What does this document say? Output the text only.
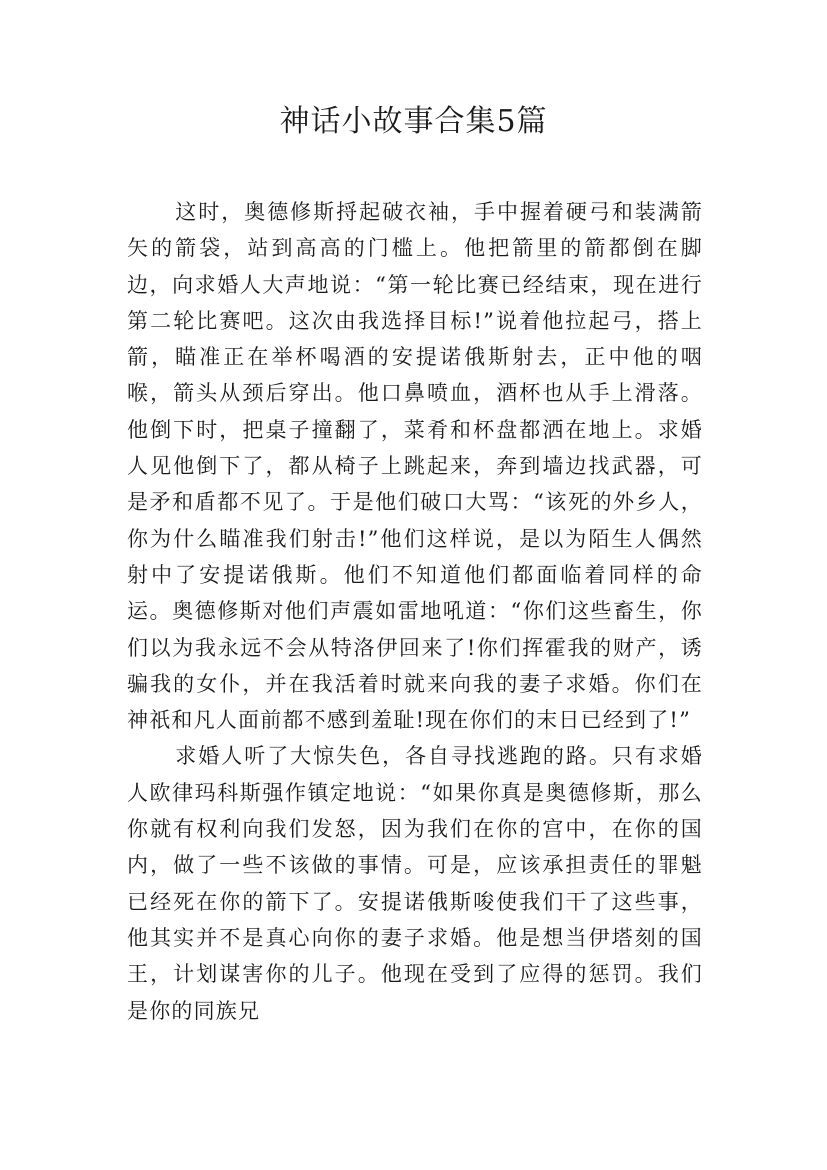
神话小故事合集5篇

这时，奥德修斯捋起破衣袖，手中握着硬弓和装满箭矢的箭袋，站到高高的门槛上。他把箭里的箭都倒在脚边，向求婚人大声地说：“第一轮比赛已经结束，现在进行第二轮比赛吧。这次由我选择目标!”说着他拉起弓，搭上箭，瞄准正在举杯喝酒的安提诺俄斯射去，正中他的咽喉，箭头从颈后穿出。他口鼻喷血，酒杯也从手上滑落。他倒下时，把桌子撞翻了，菜肴和杯盘都洒在地上。求婚人见他倒下了，都从椅子上跳起来，奔到墙边找武器，可是矛和盾都不见了。于是他们破口大骂：“该死的外乡人，你为什么瞄准我们射击!”他们这样说，是以为陌生人偶然射中了安提诺俄斯。他们不知道他们都面临着同样的命运。奥德修斯对他们声震如雷地吼道：“你们这些畜生，你们以为我永远不会从特洛伊回来了!你们挥霍我的财产，诱骗我的女仆，并在我活着时就来向我的妻子求婚。你们在神祇和凡人面前都不感到羞耻!现在你们的末日已经到了!”

求婚人听了大惊失色，各自寻找逃跑的路。只有求婚人欧律玛科斯强作镇定地说：“如果你真是奥德修斯，那么你就有权利向我们发怒，因为我们在你的宫中，在你的国内，做了一些不该做的事情。可是，应该承担责任的罪魁已经死在你的箭下了。安提诺俄斯唆使我们干了这些事，他其实并不是真心向你的妻子求婚。他是想当伊塔刻的国王，计划谋害你的儿子。他现在受到了应得的惩罚。我们是你的同族兄
